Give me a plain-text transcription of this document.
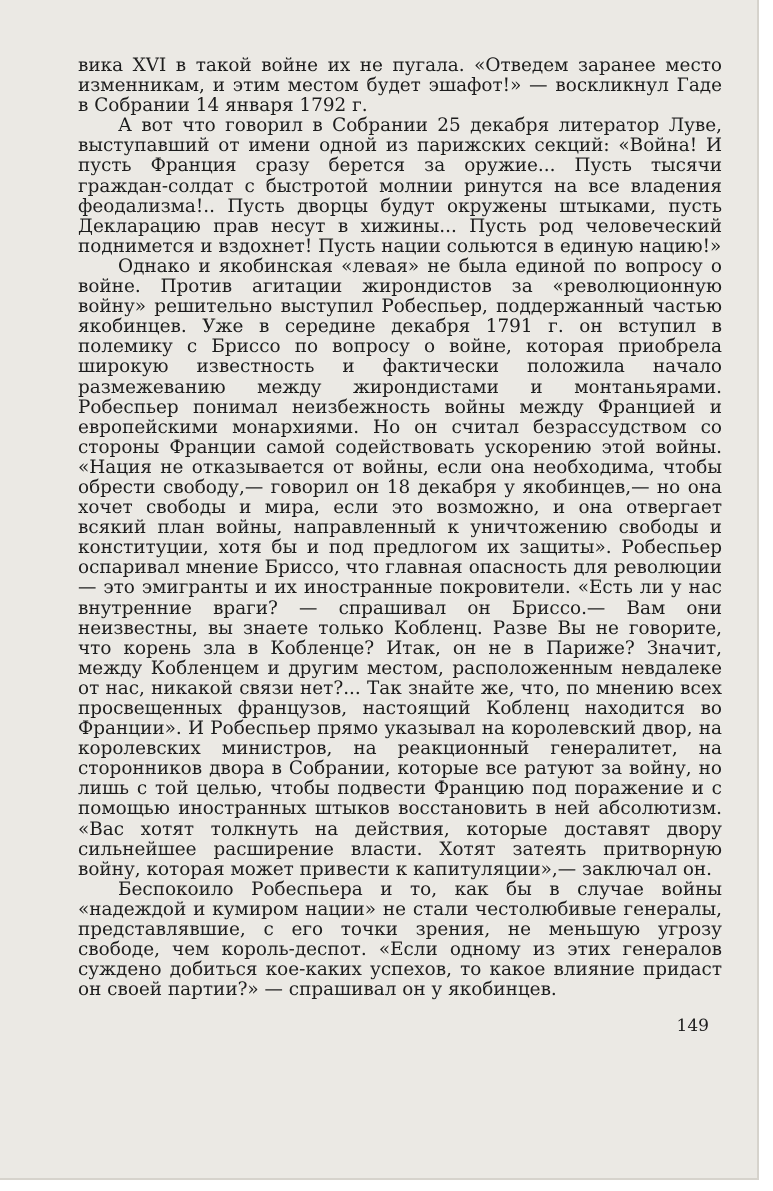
вика XVI в такой войне их не пугала. «Отведем заранее место изменникам, и этим местом будет эшафот!» — воскликнул Гаде в Собрании 14 января 1792 г.

А вот что говорил в Собрании 25 декабря литератор Луве, выступавший от имени одной из парижских секций: «Война! И пусть Франция сразу берется за оружие... Пусть тысячи граждан-солдат с быстротой молнии ринутся на все владения феодализма!.. Пусть дворцы будут окружены штыками, пусть Декларацию прав несут в хижины... Пусть род человеческий поднимется и вздохнет! Пусть нации сольются в единую нацию!»

Однако и якобинская «левая» не была единой по вопросу о войне. Против агитации жирондистов за «революционную войну» решительно выступил Робеспьер, поддержанный частью якобинцев. Уже в середине декабря 1791 г. он вступил в полемику с Бриссо по вопросу о войне, которая приобрела широкую известность и фактически положила начало размежеванию между жирондистами и монтаньярами. Робеспьер понимал неизбежность войны между Францией и европейскими монархиями. Но он считал безрассудством со стороны Франции самой содействовать ускорению этой войны. «Нация не отказывается от войны, если она необходима, чтобы обрести свободу,— говорил он 18 декабря у якобинцев,— но она хочет свободы и мира, если это возможно, и она отвергает всякий план войны, направленный к уничтожению свободы и конституции, хотя бы и под предлогом их защиты». Робеспьер оспаривал мнение Бриссо, что главная опасность для революции — это эмигранты и их иностранные покровители. «Есть ли у нас внутренние враги? — спрашивал он Бриссо.— Вам они неизвестны, вы знаете только Кобленц. Разве Вы не говорите, что корень зла в Кобленце? Итак, он не в Париже? Значит, между Кобленцем и другим местом, расположенным невдалеке от нас, никакой связи нет?... Так знайте же, что, по мнению всех просвещенных французов, настоящий Кобленц находится во Франции». И Робеспьер прямо указывал на королевский двор, на королевских министров, на реакционный генералитет, на сторонников двора в Собрании, которые все ратуют за войну, но лишь с той целью, чтобы подвести Францию под поражение и с помощью иностранных штыков восстановить в ней абсолютизм. «Вас хотят толкнуть на действия, которые доставят двору сильнейшее расширение власти. Хотят затеять притворную войну, которая может привести к капитуляции»,— заключал он.

Беспокоило Робеспьера и то, как бы в случае войны «надеждой и кумиром нации» не стали честолюбивые генералы, представлявшие, с его точки зрения, не меньшую угрозу свободе, чем король-деспот. «Если одному из этих генералов суждено добиться кое-каких успехов, то какое влияние придаст он своей партии?» — спрашивал он у якобинцев.

149
